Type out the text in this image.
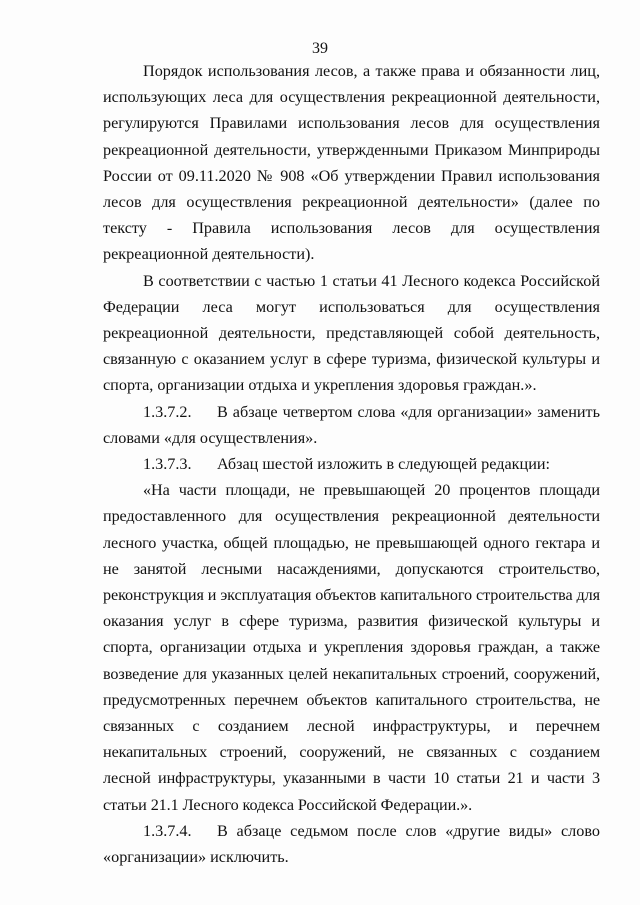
39

Порядок использования лесов, а также права и обязанности лиц, использующих леса для осуществления рекреационной деятельности, регулируются Правилами использования лесов для осуществления рекреационной деятельности, утвержденными Приказом Минприроды России от 09.11.2020 № 908 «Об утверждении Правил использования лесов для осуществления рекреационной деятельности» (далее по тексту - Правила использования лесов для осуществления рекреационной деятельности).

В соответствии с частью 1 статьи 41 Лесного кодекса Российской Федерации леса могут использоваться для осуществления рекреационной деятельности, представляющей собой деятельность, связанную с оказанием услуг в сфере туризма, физической культуры и спорта, организации отдыха и укрепления здоровья граждан.».

1.3.7.2. В абзаце четвертом слова «для организации» заменить словами «для осуществления».

1.3.7.3. Абзац шестой изложить в следующей редакции:

«На части площади, не превышающей 20 процентов площади предоставленного для осуществления рекреационной деятельности лесного участка, общей площадью, не превышающей одного гектара и не занятой лесными насаждениями, допускаются строительство, реконструкция и эксплуатация объектов капитального строительства для оказания услуг в сфере туризма, развития физической культуры и спорта, организации отдыха и укрепления здоровья граждан, а также возведение для указанных целей некапитальных строений, сооружений, предусмотренных перечнем объектов капитального строительства, не связанных с созданием лесной инфраструктуры, и перечнем некапитальных строений, сооружений, не связанных с созданием лесной инфраструктуры, указанными в части 10 статьи 21 и части 3 статьи 21.1 Лесного кодекса Российской Федерации.».

1.3.7.4. В абзаце седьмом после слов «другие виды» слово «организации» исключить.
